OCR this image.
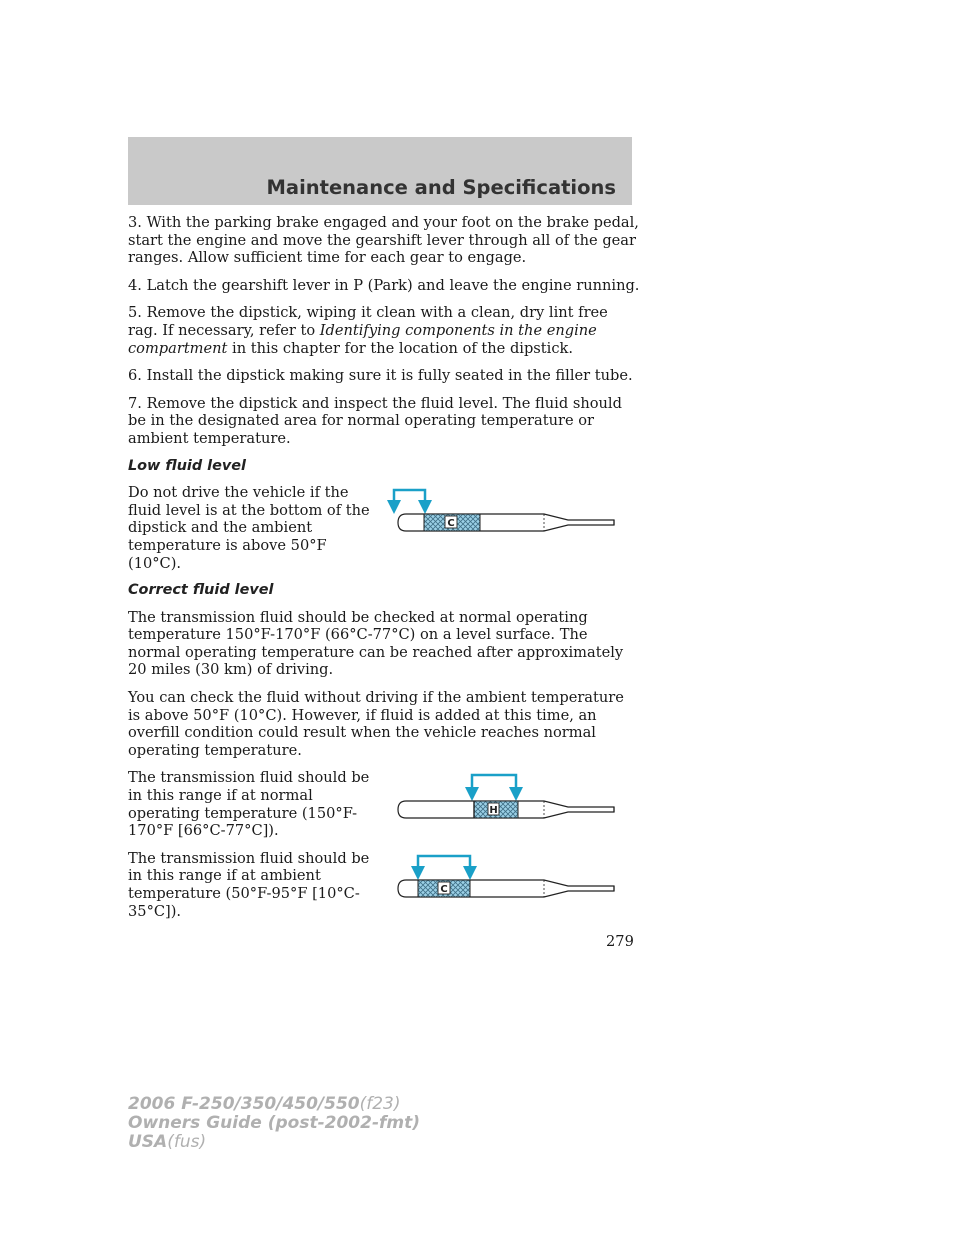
Maintenance and Specifications

3. With the parking brake engaged and your foot on the brake pedal, start the engine and move the gearshift lever through all of the gear ranges. Allow sufficient time for each gear to engage.

4. Latch the gearshift lever in P (Park) and leave the engine running.

5. Remove the dipstick, wiping it clean with a clean, dry lint free rag. If necessary, refer to Identifying components in the engine compartment in this chapter for the location of the dipstick.

6. Install the dipstick making sure it is fully seated in the filler tube.

7. Remove the dipstick and inspect the fluid level. The fluid should be in the designated area for normal operating temperature or ambient temperature.

Low fluid level

Do not drive the vehicle if the fluid level is at the bottom of the dipstick and the ambient temperature is above 50°F (10°C).

C
Correct fluid level

The transmission fluid should be checked at normal operating temperature 150°F-170°F (66°C-77°C) on a level surface. The normal operating temperature can be reached after approximately 20 miles (30 km) of driving.

You can check the fluid without driving if the ambient temperature is above 50°F (10°C). However, if fluid is added at this time, an overfill condition could result when the vehicle reaches normal operating temperature.

The transmission fluid should be in this range if at normal operating temperature (150°F-170°F [66°C-77°C]).

H

The transmission fluid should be in this range if at ambient temperature (50°F-95°F [10°C-35°C]).

C
279
2006 F-250/350/450/550(f23)
Owners Guide (post-2002-fmt)
USA(fus)
